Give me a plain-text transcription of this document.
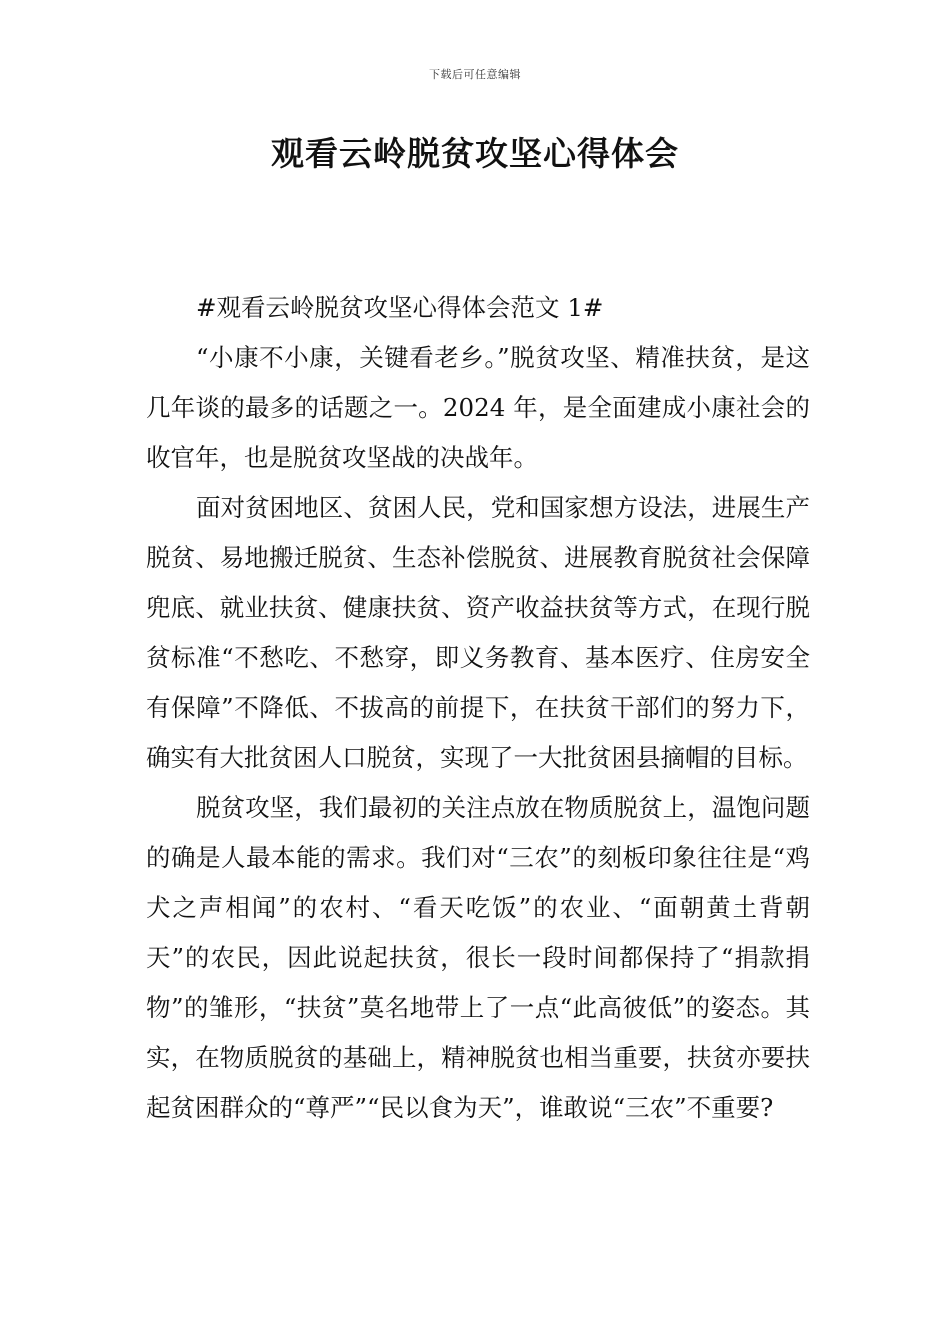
下载后可任意编辑
观看云岭脱贫攻坚心得体会

#观看云岭脱贫攻坚心得体会范文 1#

“小康不小康，关键看老乡。”脱贫攻坚、精准扶贫，是这几年谈的最多的话题之一。2024 年，是全面建成小康社会的收官年，也是脱贫攻坚战的决战年。

面对贫困地区、贫困人民，党和国家想方设法，进展生产脱贫、易地搬迁脱贫、生态补偿脱贫、进展教育脱贫社会保障兜底、就业扶贫、健康扶贫、资产收益扶贫等方式，在现行脱贫标准“不愁吃、不愁穿，即义务教育、基本医疗、住房安全有保障”不降低、不拔高的前提下，在扶贫干部们的努力下，确实有大批贫困人口脱贫，实现了一大批贫困县摘帽的目标。

脱贫攻坚，我们最初的关注点放在物质脱贫上，温饱问题的确是人最本能的需求。我们对“三农”的刻板印象往往是“鸡犬之声相闻”的农村、“看天吃饭”的农业、“面朝黄土背朝天”的农民，因此说起扶贫，很长一段时间都保持了“捐款捐物”的雏形，“扶贫”莫名地带上了一点“此高彼低”的姿态。其实，在物质脱贫的基础上，精神脱贫也相当重要，扶贫亦要扶起贫困群众的“尊严”“民以食为天”，谁敢说“三农”不重要?
